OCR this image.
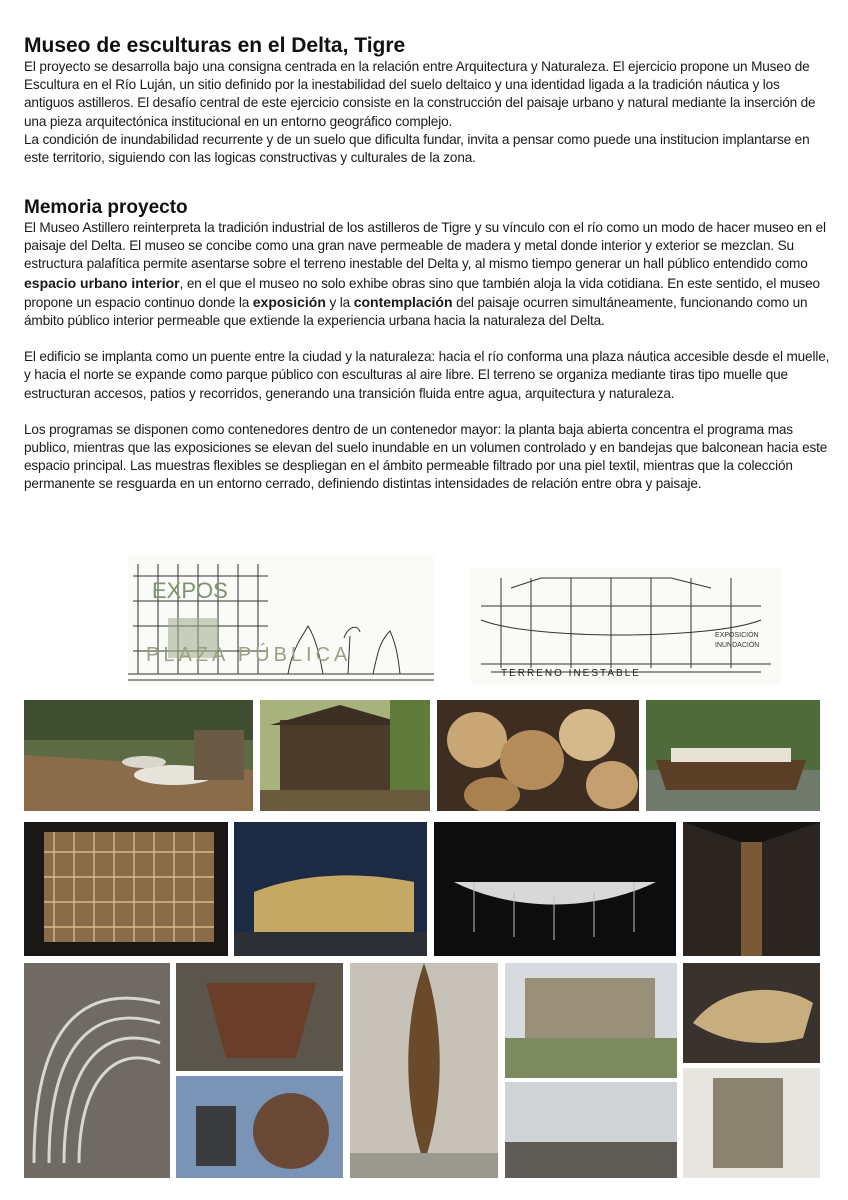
Museo de esculturas en el Delta, Tigre

El proyecto se desarrolla bajo una consigna centrada en la relación entre Arquitectura y Naturaleza. El ejercicio propone un Museo de Escultura en el Río Luján, un sitio definido por la inestabilidad del suelo deltaico y una identidad ligada a la tradición náutica y los antiguos astilleros. El desafío central de este ejercicio consiste en la construcción del paisaje urbano y natural mediante la inserción de una pieza arquitectónica institucional en un entorno geográfico complejo.

La condición de inundabilidad recurrente y de un suelo que dificulta fundar, invita a pensar como puede una institucion implantarse en este territorio, siguiendo con las logicas constructivas y culturales de la zona.

Memoria proyecto

El Museo Astillero reinterpreta la tradición industrial de los astilleros de Tigre y su vínculo con el río como un modo de hacer museo en el paisaje del Delta. El museo se concibe como una gran nave permeable de madera y metal donde interior y exterior se mezclan. Su estructura palafítica permite asentarse sobre el terreno inestable del Delta y, al mismo tiempo generar un hall público entendido como espacio urbano interior, en el que el museo no solo exhibe obras sino que también aloja la vida cotidiana. En este sentido, el museo propone un espacio continuo donde la exposición y la contemplación del paisaje ocurren simultáneamente, funcionando como un ámbito público interior permeable que extiende la experiencia urbana hacia la naturaleza del Delta.

El edificio se implanta como un puente entre la ciudad y la naturaleza: hacia el río conforma una plaza náutica accesible desde el muelle, y hacia el norte se expande como parque público con esculturas al aire libre. El terreno se organiza mediante tiras tipo muelle que estructuran accesos, patios y recorridos, generando una transición fluida entre agua, arquitectura y naturaleza.

Los programas se disponen como contenedores dentro de un contenedor mayor: la planta baja abierta concentra el programa mas publico, mientras que las exposiciones se elevan del suelo inundable en un volumen controlado y en bandejas que balconean hacia este espacio principal. Las muestras flexibles se despliegan en el ámbito permeable filtrado por una piel textil, mientras que la colección permanente se resguarda en un entorno cerrado, definiendo distintas intensidades de relación entre obra y paisaje.

EXPOS
PLAZA PÚBLICA
EXPOSICIÓN
INUNDACIÓN
TERRENO INESTABLE
